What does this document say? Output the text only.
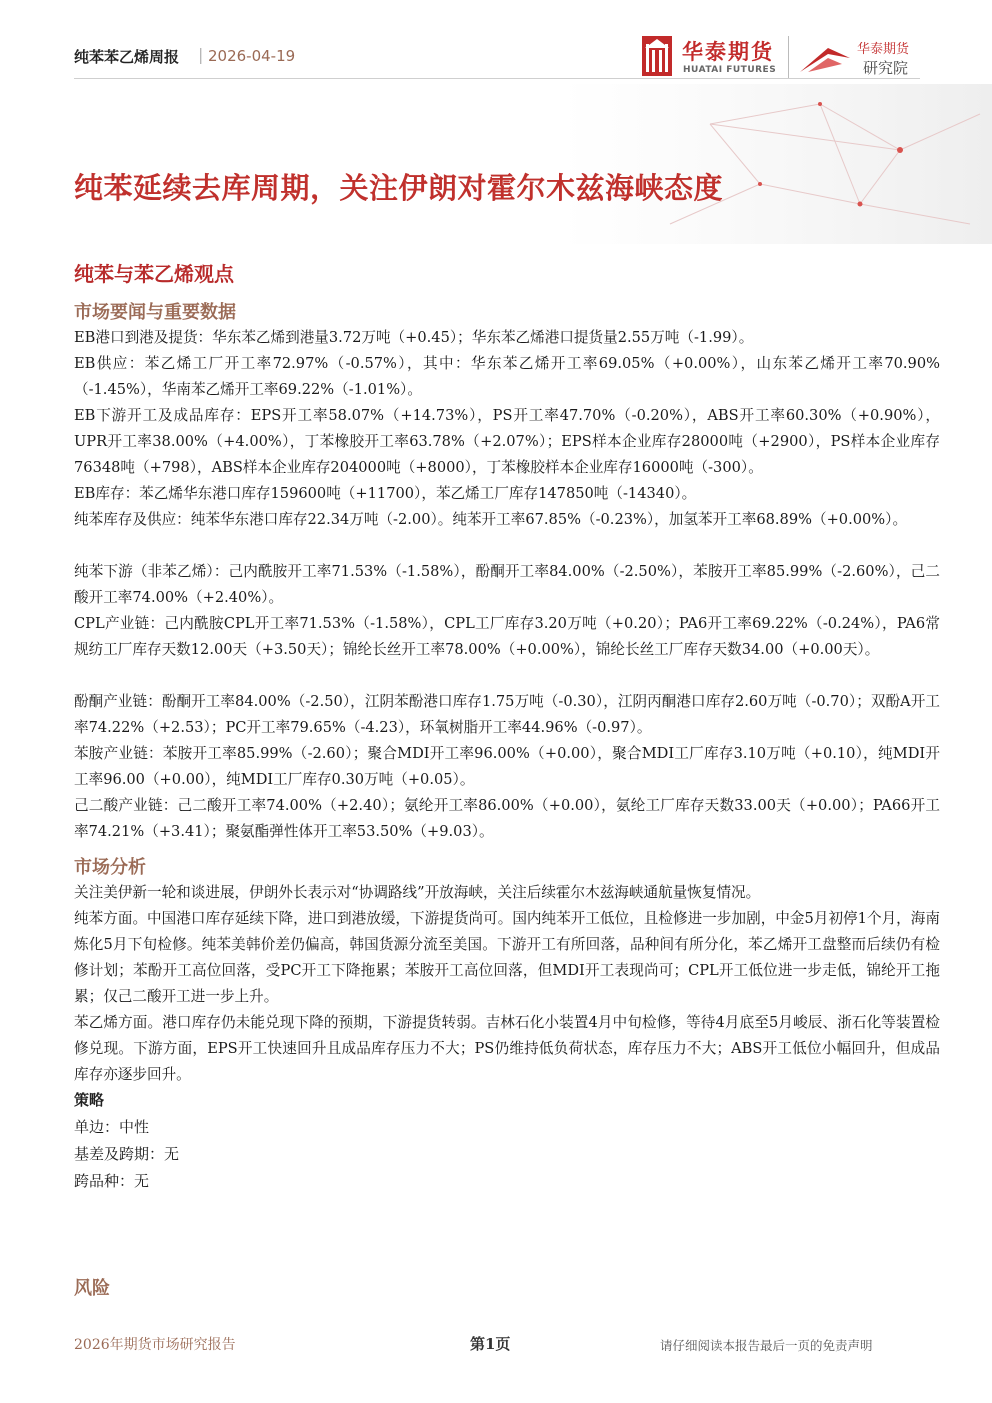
纯苯苯乙烯周报 | 2026-04-19	华泰期货
HUATAI FUTURES
华泰期货
研究院
纯苯延续去库周期，关注伊朗对霍尔木兹海峡态度
纯苯与苯乙烯观点
市场要闻与重要数据
EB港口到港及提货：华东苯乙烯到港量3.72万吨（+0.45）；华东苯乙烯港口提货量2.55万吨（-1.99）。
EB供应：苯乙烯工厂开工率72.97%（-0.57%），其中：华东苯乙烯开工率69.05%（+0.00%），山东苯乙烯开工率70.90%（-1.45%），华南苯乙烯开工率69.22%（-1.01%）。
EB下游开工及成品库存：EPS开工率58.07%（+14.73%），PS开工率47.70%（-0.20%），ABS开工率60.30%（+0.90%），UPR开工率38.00%（+4.00%），丁苯橡胶开工率63.78%（+2.07%）；EPS样本企业库存28000吨（+2900），PS样本企业库存76348吨（+798），ABS样本企业库存204000吨（+8000），丁苯橡胶样本企业库存16000吨（-300）。
EB库存：苯乙烯华东港口库存159600吨（+11700），苯乙烯工厂库存147850吨（-14340）。
纯苯库存及供应：纯苯华东港口库存22.34万吨（-2.00）。纯苯开工率67.85%（-0.23%），加氢苯开工率68.89%（+0.00%）。
纯苯下游（非苯乙烯）：己内酰胺开工率71.53%（-1.58%），酚酮开工率84.00%（-2.50%），苯胺开工率85.99%（-2.60%），己二酸开工率74.00%（+2.40%）。
CPL产业链：己内酰胺CPL开工率71.53%（-1.58%），CPL工厂库存3.20万吨（+0.20）；PA6开工率69.22%（-0.24%），PA6常规纺工厂库存天数12.00天（+3.50天）；锦纶长丝开工率78.00%（+0.00%），锦纶长丝工厂库存天数34.00（+0.00天）。
酚酮产业链：酚酮开工率84.00%（-2.50），江阴苯酚港口库存1.75万吨（-0.30），江阴丙酮港口库存2.60万吨（-0.70）；双酚A开工率74.22%（+2.53）；PC开工率79.65%（-4.23），环氧树脂开工率44.96%（-0.97）。
苯胺产业链：苯胺开工率85.99%（-2.60）；聚合MDI开工率96.00%（+0.00），聚合MDI工厂库存3.10万吨（+0.10），纯MDI开工率96.00（+0.00），纯MDI工厂库存0.30万吨（+0.05）。
己二酸产业链：己二酸开工率74.00%（+2.40）；氨纶开工率86.00%（+0.00），氨纶工厂库存天数33.00天（+0.00）；PA66开工率74.21%（+3.41）；聚氨酯弹性体开工率53.50%（+9.03）。
市场分析
关注美伊新一轮和谈进展，伊朗外长表示对“协调路线”开放海峡，关注后续霍尔木兹海峡通航量恢复情况。
纯苯方面。中国港口库存延续下降，进口到港放缓，下游提货尚可。国内纯苯开工低位，且检修进一步加剧，中金5月初停1个月，海南炼化5月下旬检修。纯苯美韩价差仍偏高，韩国货源分流至美国。下游开工有所回落，品种间有所分化，苯乙烯开工盘整而后续仍有检修计划；苯酚开工高位回落，受PC开工下降拖累；苯胺开工高位回落，但MDI开工表现尚可；CPL开工低位进一步走低，锦纶开工拖累；仅己二酸开工进一步上升。
苯乙烯方面。港口库存仍未能兑现下降的预期，下游提货转弱。吉林石化小装置4月中旬检修，等待4月底至5月峻辰、浙石化等装置检修兑现。下游方面，EPS开工快速回升且成品库存压力不大；PS仍维持低负荷状态，库存压力不大；ABS开工低位小幅回升，但成品库存亦逐步回升。
策略
单边：中性
基差及跨期：无
跨品种：无
风险
2026年期货市场研究报告	第1页	请仔细阅读本报告最后一页的免责声明
